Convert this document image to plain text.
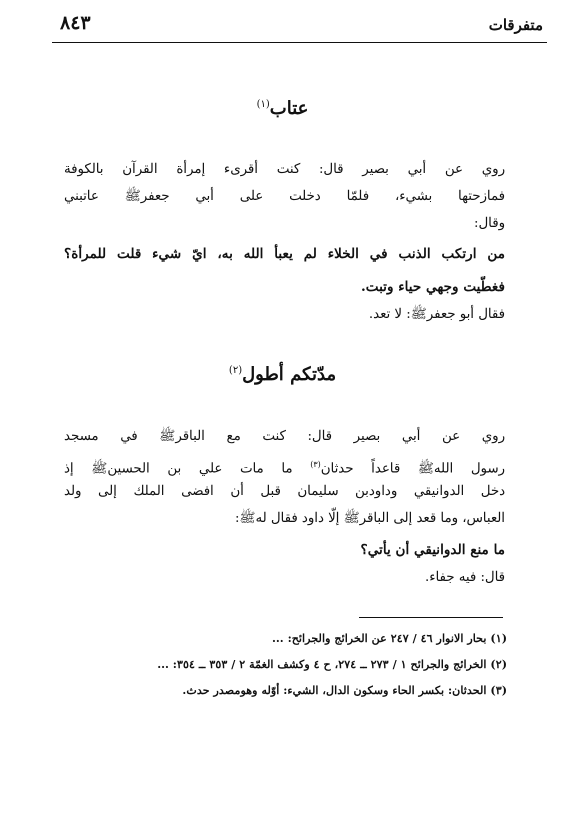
متفرقات
٨٤٣
عتاب$^{(١)}$
روي عن أبي بصير قال: كنت أقرىء إمرأة القرآن بالكوفة
فمازحتها بشيء، فلمّا دخلت على أبي جعفرﷺ عاتبني
وقال:
من ارتكب الذنب في الخلاء لم يعبأ الله به، ايّ شيء قلت للمرأة؟
فغطّيت وجهي حياء وتبت.
فقال أبو جعفرﷺ: لا تعد.
مدّتكم أطول$^{(٢)}$
روي عن أبي بصير قال: كنت مع الباقرﷺ في مسجد
رسول اللهﷺ قاعداً حدثان$^{(٣)}$ ما مات علي بن الحسينﷺ إذ
دخل الدوانيقي وداودبن سليمان قبل أن افضى الملك إلى ولد
العباس، وما قعد إلى الباقرﷺ إلّا داود فقال لهﷺ:
ما منع الدوانيقي أن يأتي؟
قال: فيه جفاء.
(١) بحار الانوار ٤٦ / ٢٤٧ عن الخرائج والجرائح: ...
(٢) الخرائج والجرائح ١ / ٢٧٣ ــ ٢٧٤، ح ٤ وكشف الغمّة ٢ / ٣٥٣ ــ ٣٥٤: ...
(٣) الحدثان: بكسر الحاء وسكون الدال، الشيء: أوّله وهومصدر حدث.
